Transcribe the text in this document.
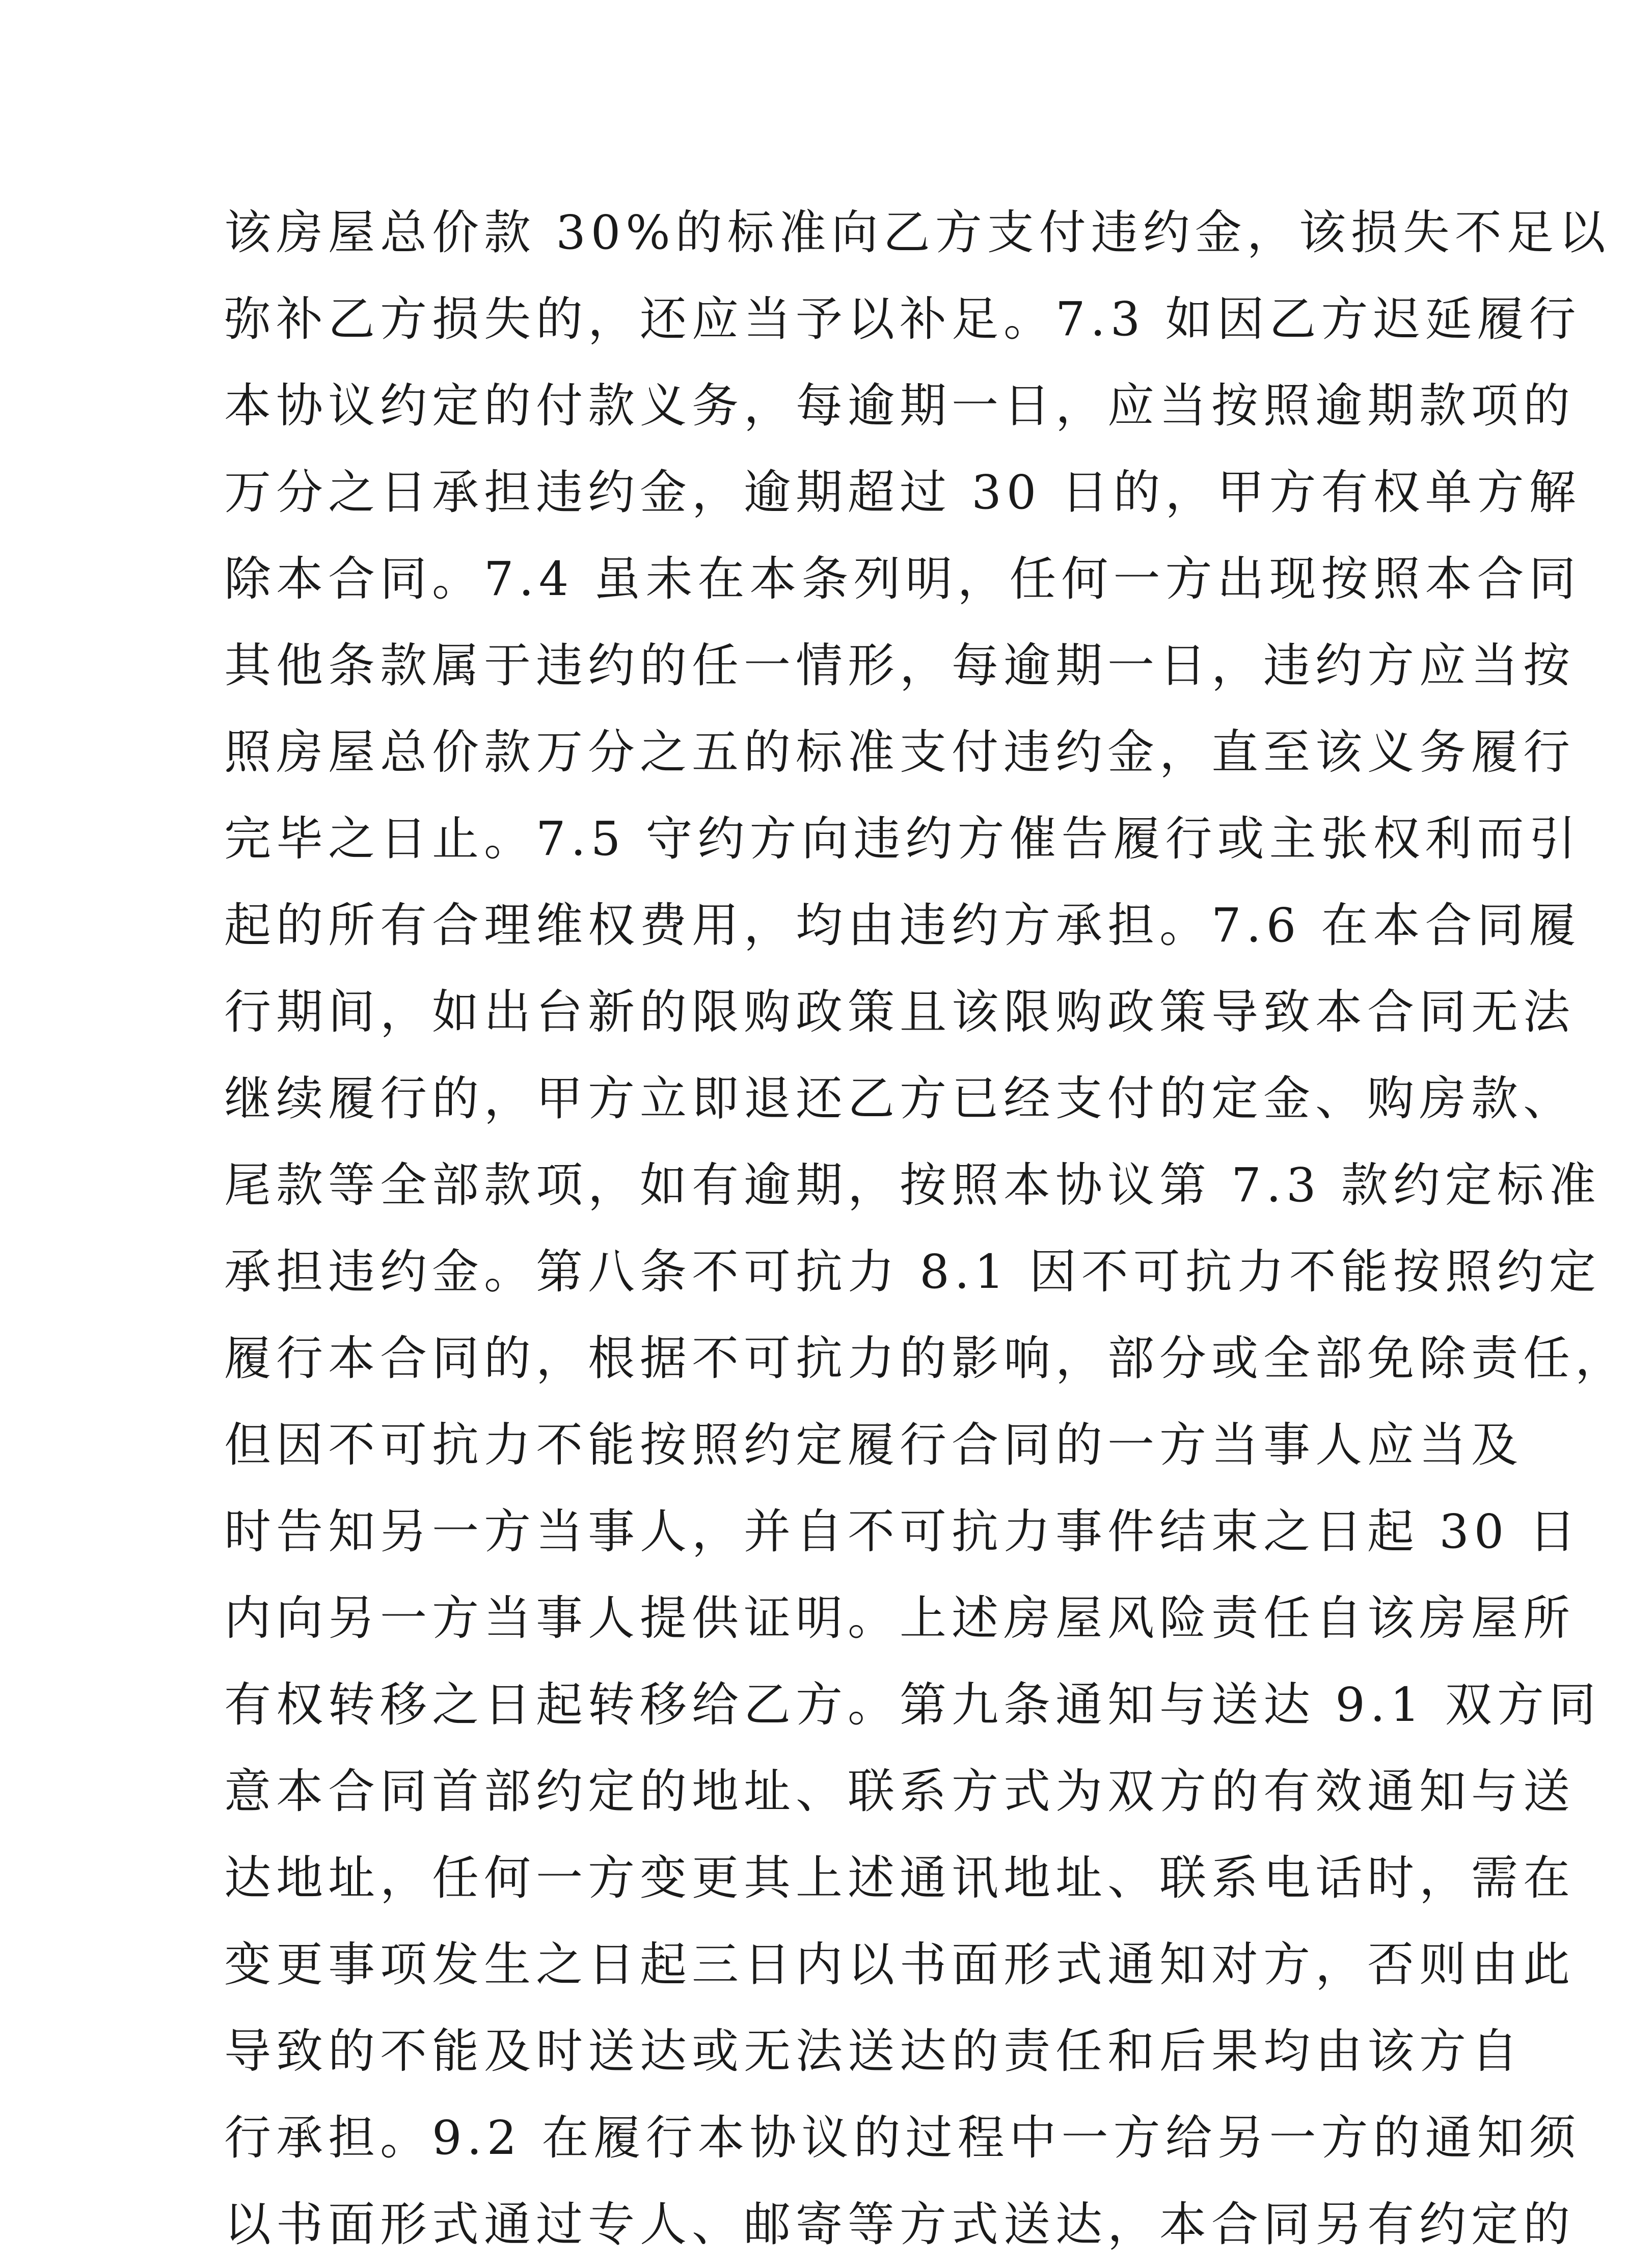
该房屋总价款 30%的标准向乙方支付违约金，该损失不足以
弥补乙方损失的，还应当予以补足。7.3 如因乙方迟延履行
本协议约定的付款义务，每逾期一日，应当按照逾期款项的
万分之日承担违约金，逾期超过 30 日的，甲方有权单方解
除本合同。7.4 虽未在本条列明，任何一方出现按照本合同
其他条款属于违约的任一情形，每逾期一日，违约方应当按
照房屋总价款万分之五的标准支付违约金，直至该义务履行
完毕之日止。7.5 守约方向违约方催告履行或主张权利而引
起的所有合理维权费用，均由违约方承担。7.6 在本合同履
行期间，如出台新的限购政策且该限购政策导致本合同无法
继续履行的，甲方立即退还乙方已经支付的定金、购房款、
尾款等全部款项，如有逾期，按照本协议第 7.3 款约定标准
承担违约金。第八条不可抗力 8.1 因不可抗力不能按照约定
履行本合同的，根据不可抗力的影响，部分或全部免除责任，
但因不可抗力不能按照约定履行合同的一方当事人应当及
时告知另一方当事人，并自不可抗力事件结束之日起 30 日
内向另一方当事人提供证明。上述房屋风险责任自该房屋所
有权转移之日起转移给乙方。第九条通知与送达 9.1 双方同
意本合同首部约定的地址、联系方式为双方的有效通知与送
达地址，任何一方变更其上述通讯地址、联系电话时，需在
变更事项发生之日起三日内以书面形式通知对方，否则由此
导致的不能及时送达或无法送达的责任和后果均由该方自
行承担。9.2 在履行本协议的过程中一方给另一方的通知须
以书面形式通过专人、邮寄等方式送达，本合同另有约定的
